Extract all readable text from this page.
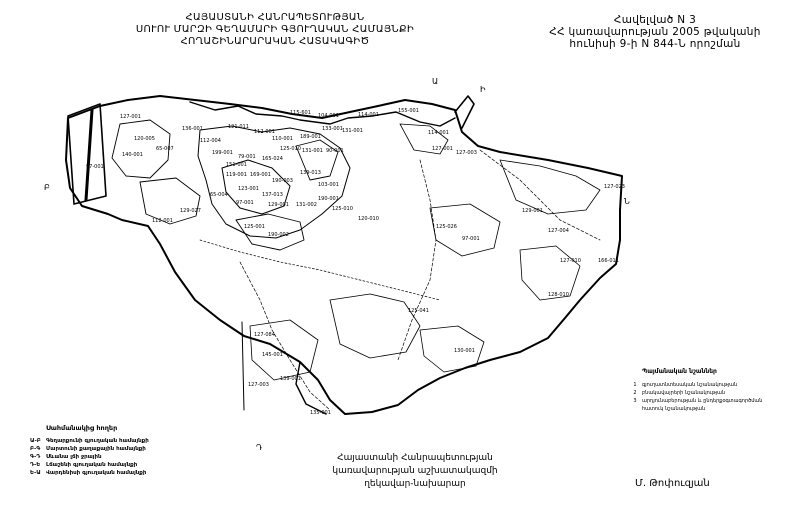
ՀԱՅԱՍՏԱՆԻ ՀԱՆՐԱՊԵՏՈՒԹՅԱՆ
ՍՈՒՈՒ ՄԱՐԶԻ ԳԵՂԱՄԱՐԻ ԳՅՈՒՂԱԿԱՆ ՀԱՄԱՅՆՔԻ
ՀՈՂԱՇԻՆԱՐԱՐԱԿԱՆ ՀԱՏԱԿԱԳԻԾ
Հավելված N 3
ՀՀ կառավարության 2005 թվականի
հունիսի 9-ի N 844-Ն որոշման
Ա
Ի
Բ
Ն
Դ
115-601 104-001	114-001
155-001
114-001
127-001
97-001
121-011
112-001
136-001
112-004	110-001 189-001
133-001 131-001
199-001
79-001
151-001
165-024
125-010 131-001 90-001
119-001 169-001
190-003
139-013
103-001
65-007
120-005
140-001
123-001
137-013
65-004
97-001	129-001 131-002
190-001
125-010
125-001
190-002
112-001
129-027
120-010
125-026
97-001
129-001
127-004
127-023
166-011
127-010
128-010
125-041
130-001
127-084
145-001
139-001
127-003
135-001
127-003
127-001
Սահմանակից հողեր
Ա-Բ Գեղարքունի գյուղական համայնքի
Բ-Գ Մարտունի քաղաքային համայնքի
Գ-Դ Սևանա լճի ջրային
Դ-Ե Լճաշենի գյուղական համայնքի
Ե-Ա Վարդենիսի գյուղական համայնքի
Պայմանական նշաններ
1 գյուղատնտեսական նշանակության
2 բնակավայրերի նշանակության
3 արդյունաբերության և ընդերքօգտագործման
հատուկ նշանակության
Հայաստանի Հանրապետության
կառավարության աշխատակազմի
ղեկավար-նախարար	Մ. Թոփուզյան
